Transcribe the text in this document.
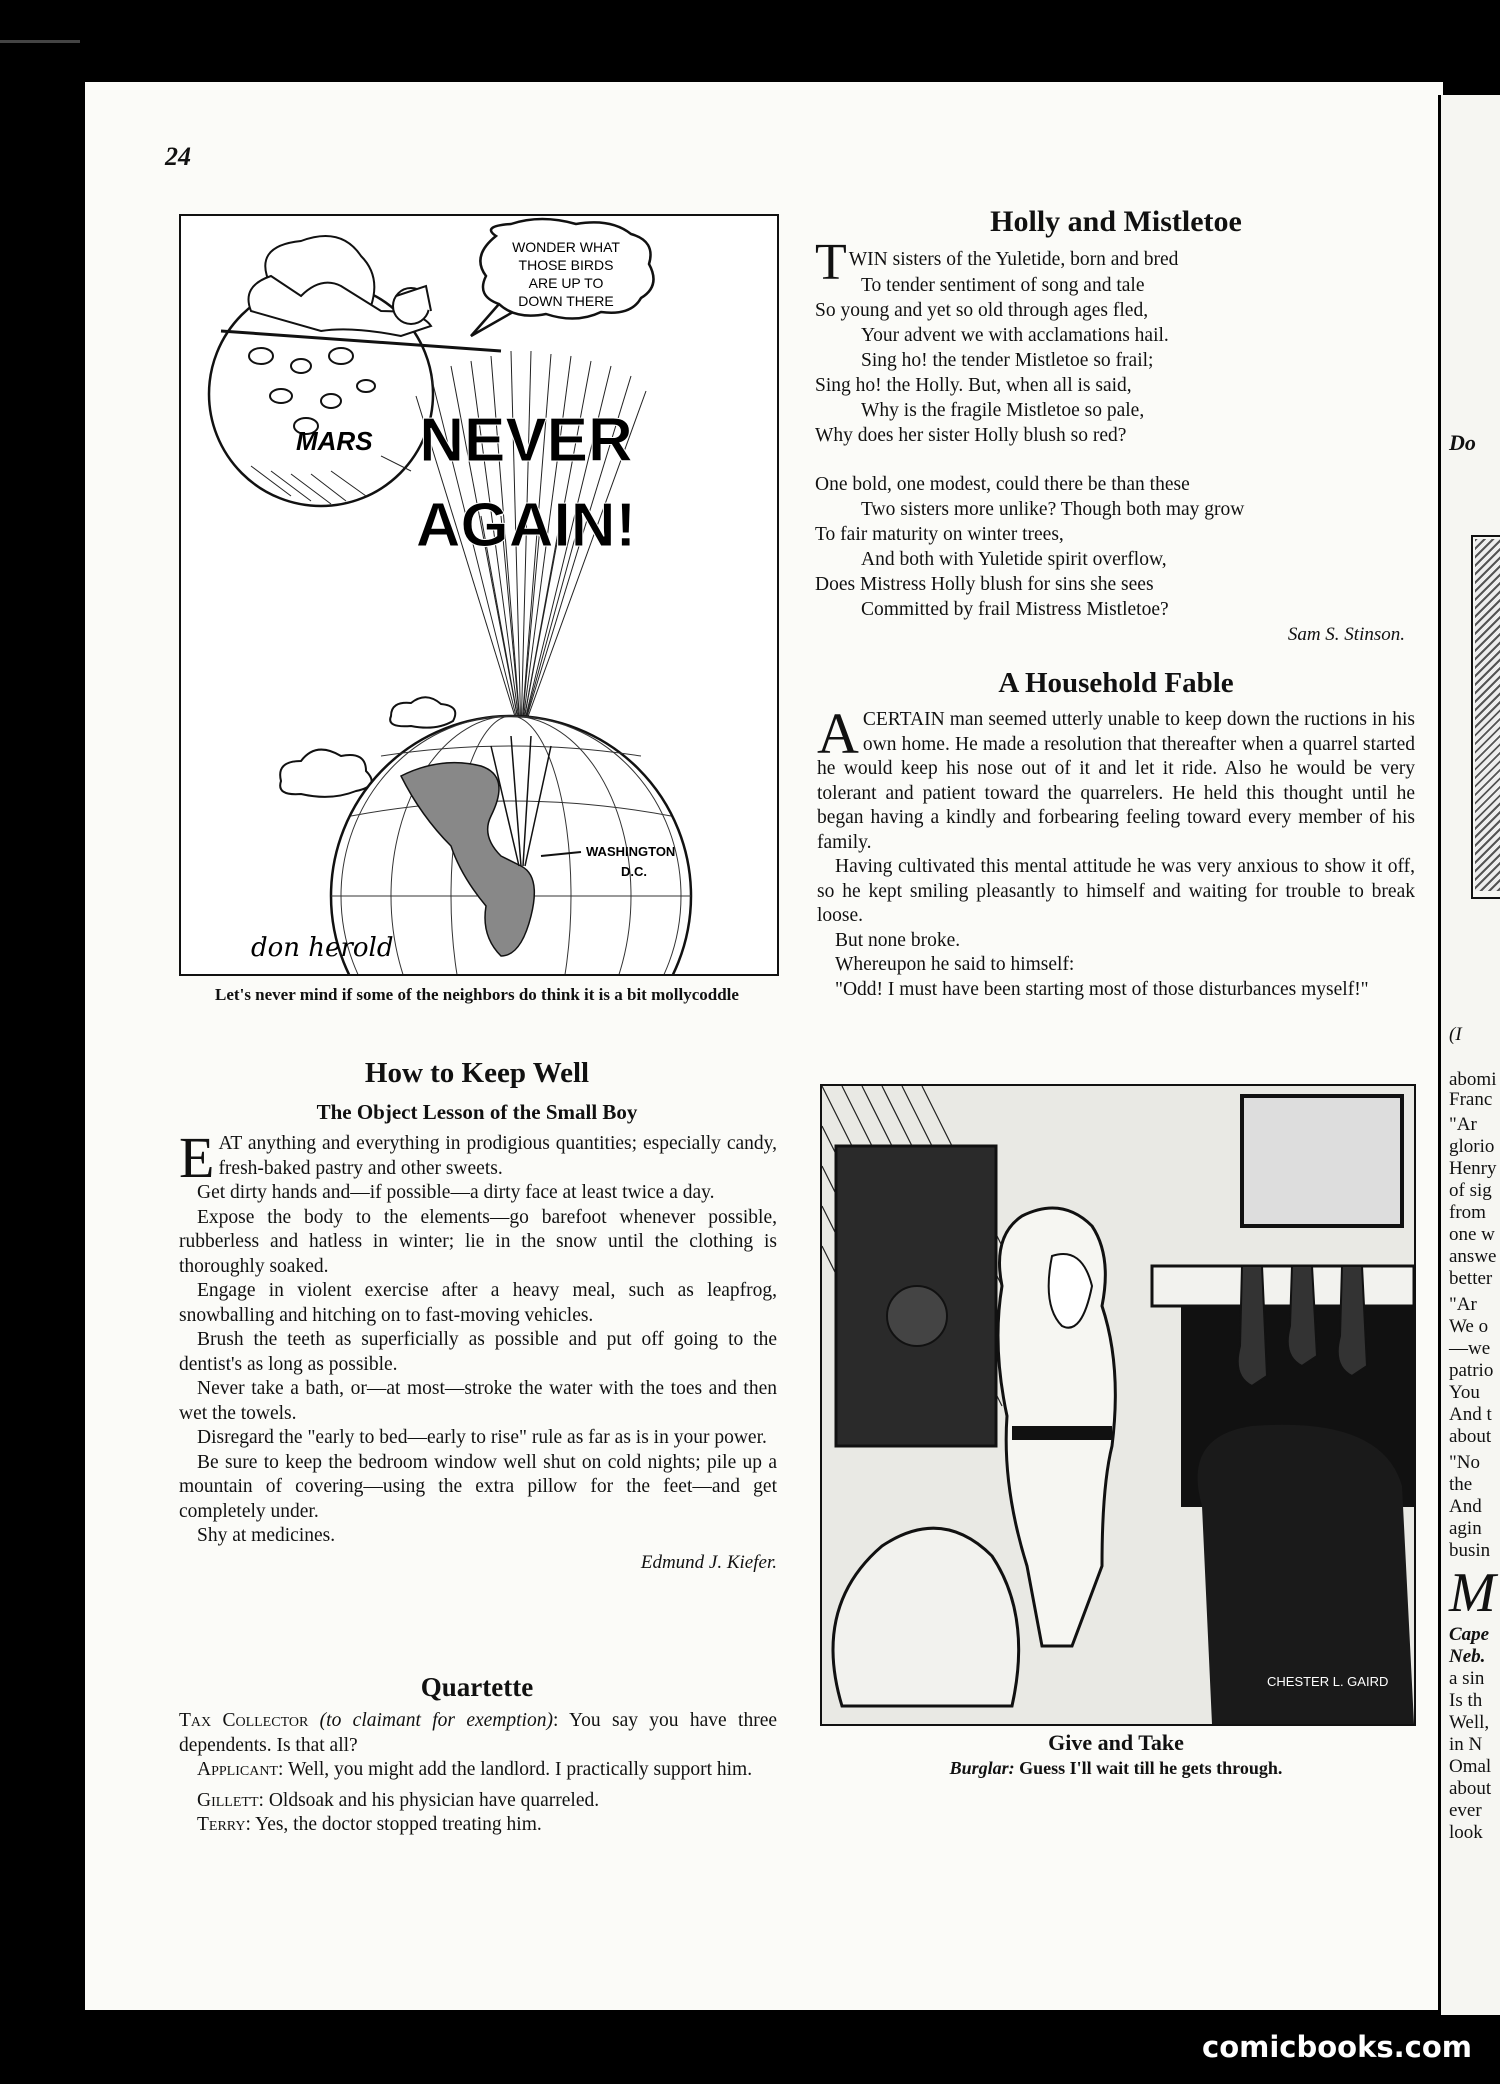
24
WONDER WHAT
THOSE BIRDS
ARE UP TO
DOWN THERE
MARS NEVER
AGAIN!
WASHINGTON
D.C.
don herold
Let's never mind if some of the neighbors do think it is a bit mollycoddle
How to Keep Well
The Object Lesson of the Small Boy

EAT anything and everything in prodigious quantities; especially candy, fresh-baked pastry and other sweets.

Get dirty hands and—if possible—a dirty face at least twice a day.

Expose the body to the elements—go barefoot whenever possible, rubberless and hatless in winter; lie in the snow until the clothing is thoroughly soaked.

Engage in violent exercise after a heavy meal, such as leapfrog, snowballing and hitching on to fast-moving vehicles.

Brush the teeth as superficially as possible and put off going to the dentist's as long as possible.

Never take a bath, or—at most—stroke the water with the toes and then wet the towels.

Disregard the "early to bed—early to rise" rule as far as is in your power.

Be sure to keep the bedroom window well shut on cold nights; pile up a mountain of covering—using the extra pillow for the feet—and get completely under.

Shy at medicines.

Edmund J. Kiefer.
Quartette

Tax Collector (to claimant for exemption): You say you have three dependents. Is that all?

Applicant: Well, you might add the landlord. I practically support him.

Gillett: Oldsoak and his physician have quarreled.

Terry: Yes, the doctor stopped treating him.

Holly and Mistletoe
TWIN sisters of the Yuletide, born and bred
To tender sentiment of song and tale
So young and yet so old through ages fled,
Your advent we with acclamations hail.
Sing ho! the tender Mistletoe so frail;
Sing ho! the Holly. But, when all is said,
Why is the fragile Mistletoe so pale,
Why does her sister Holly blush so red?
One bold, one modest, could there be than these
Two sisters more unlike? Though both may grow
To fair maturity on winter trees,
And both with Yuletide spirit overflow,
Does Mistress Holly blush for sins she sees
Committed by frail Mistress Mistletoe?
Sam S. Stinson.
A Household Fable

ACERTAIN man seemed utterly unable to keep down the ructions in his own home. He made a resolution that thereafter when a quarrel started he would keep his nose out of it and let it ride. Also he would be very tolerant and patient toward the quarrelers. He held this thought until he began having a kindly and forbearing feeling toward every member of his family.

Having cultivated this mental attitude he was very anxious to show it off, so he kept smiling pleasantly to himself and waiting for trouble to break loose.

But none broke.

Whereupon he said to himself:

"Odd! I must have been starting most of those disturbances myself!"

CHESTER L. GAIRD
Give and Take
Burglar: Guess I'll wait till he gets through.
Do
(I
abomi
Franc
"Ar
glorio
Henry
of sig
from
one w
answe
better
"Ar
We o
—we
patrio
You
And t
about
"No
the
And
agin
busin
M
Cape
Neb.
a sin
Is th
Well,
in N
Omal
about
ever
look
comicbooks.com
